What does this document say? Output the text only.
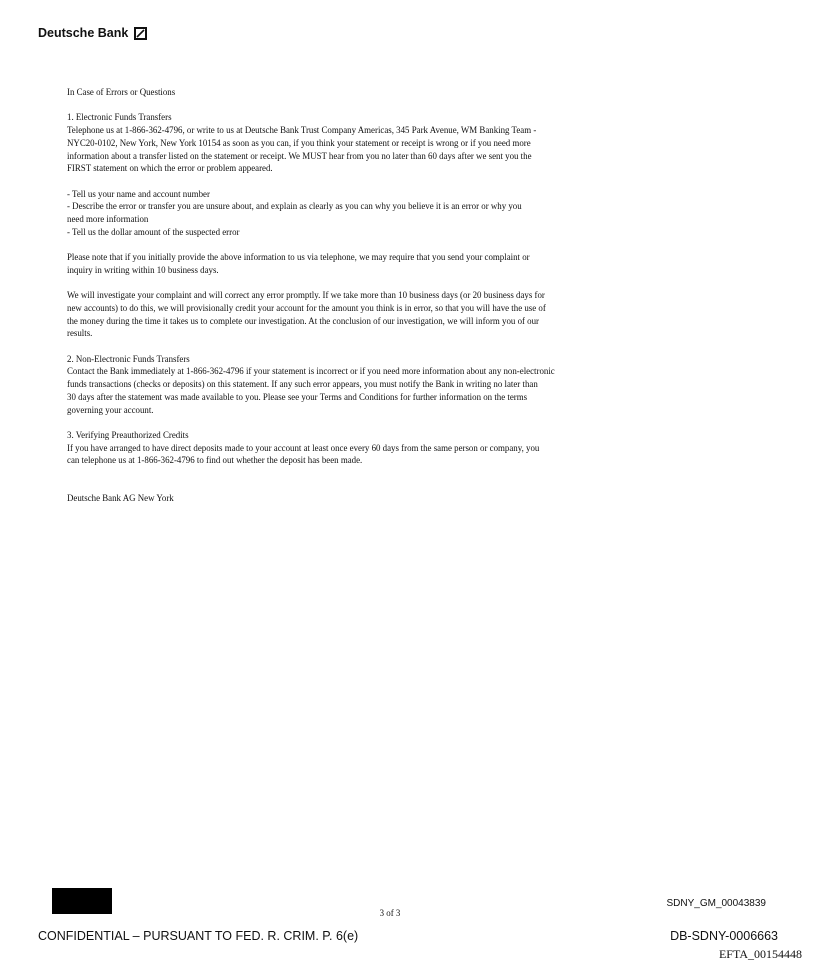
Deutsche Bank
In Case of Errors or Questions
1. Electronic Funds Transfers
Telephone us at 1-866-362-4796, or write to us at Deutsche Bank Trust Company Americas, 345 Park Avenue, WM Banking Team -
NYC20-0102, New York, New York 10154 as soon as you can, if you think your statement or receipt is wrong or if you need more
information about a transfer listed on the statement or receipt. We MUST hear from you no later than 60 days after we sent you the
FIRST statement on which the error or problem appeared.
- Tell us your name and account number
- Describe the error or transfer you are unsure about, and explain as clearly as you can why you believe it is an error or why you
need more information
- Tell us the dollar amount of the suspected error
Please note that if you initially provide the above information to us via telephone, we may require that you send your complaint or
inquiry in writing within 10 business days.
We will investigate your complaint and will correct any error promptly. If we take more than 10 business days (or 20 business days for
new accounts) to do this, we will provisionally credit your account for the amount you think is in error, so that you will have the use of
the money during the time it takes us to complete our investigation. At the conclusion of our investigation, we will inform you of our
results.
2. Non-Electronic Funds Transfers
Contact the Bank immediately at 1-866-362-4796 if your statement is incorrect or if you need more information about any non-electronic
funds transactions (checks or deposits) on this statement. If any such error appears, you must notify the Bank in writing no later than
30 days after the statement was made available to you. Please see your Terms and Conditions for further information on the terms
governing your account.
3. Verifying Preauthorized Credits
If you have arranged to have direct deposits made to your account at least once every 60 days from the same person or company, you
can telephone us at 1-866-362-4796 to find out whether the deposit has been made.
Deutsche Bank AG New York
3 of 3
SDNY_GM_00043839
CONFIDENTIAL – PURSUANT TO FED. R. CRIM. P. 6(e)	DB-SDNY-0006663
EFTA_00154448
